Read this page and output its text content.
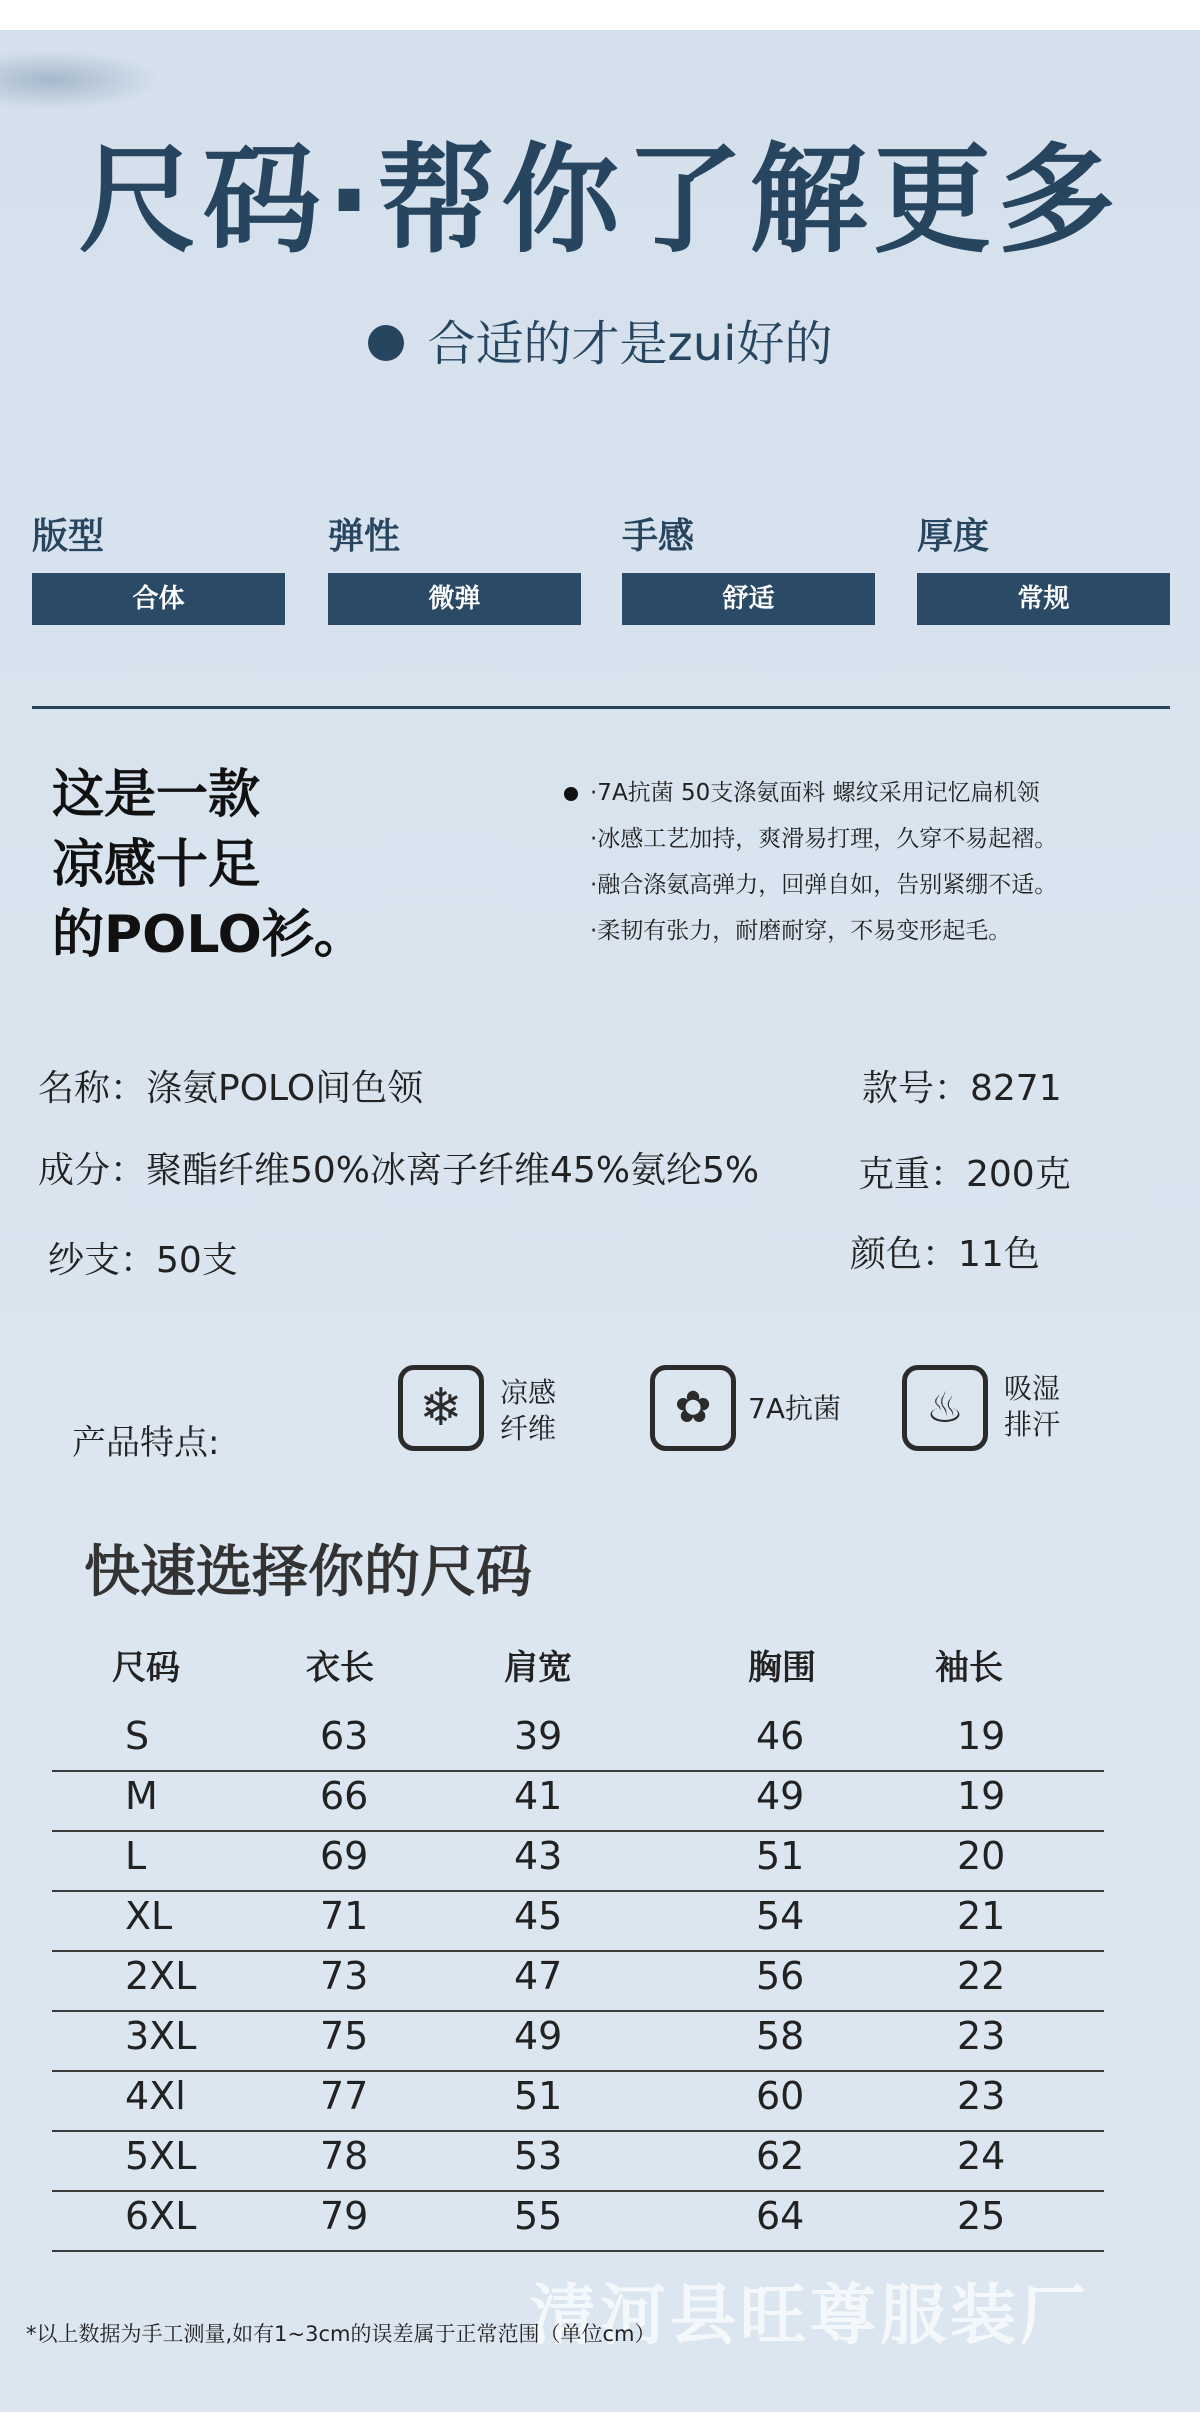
尺码·帮你了解更多
合适的才是zui好的
版型
合体
弹性
微弹
手感
舒适
厚度
常规
这是一款
凉感十足
的POLO衫。
·7A抗菌 50支涤氨面料 螺纹采用记忆扁机领
·冰感工艺加持，爽滑易打理，久穿不易起褶。
·融合涤氨高弹力，回弹自如，告别紧绷不适。
·柔韧有张力，耐磨耐穿，不易变形起毛。
名称：涤氨POLO间色领
成分：聚酯纤维50%冰离子纤维45%氨纶5%
纱支：50支
款号：8271
克重：200克
颜色：11色
产品特点:
❄	凉感
纤维	✿	7A抗菌	♨	吸湿
排汗
快速选择你的尺码
尺码	衣长	肩宽	胸围	袖长
S	63	39	46	19
M	66	41	49	19
L	69	43	51	20
XL	71	45	54	21
2XL	73	47	56	22
3XL	75	49	58	23
4Xl	77	51	60	23
5XL	78	53	62	24
6XL	79	55	64	25
清河县旺尊服装厂
*以上数据为手工测量,如有1~3cm的误差属于正常范围（单位cm）
